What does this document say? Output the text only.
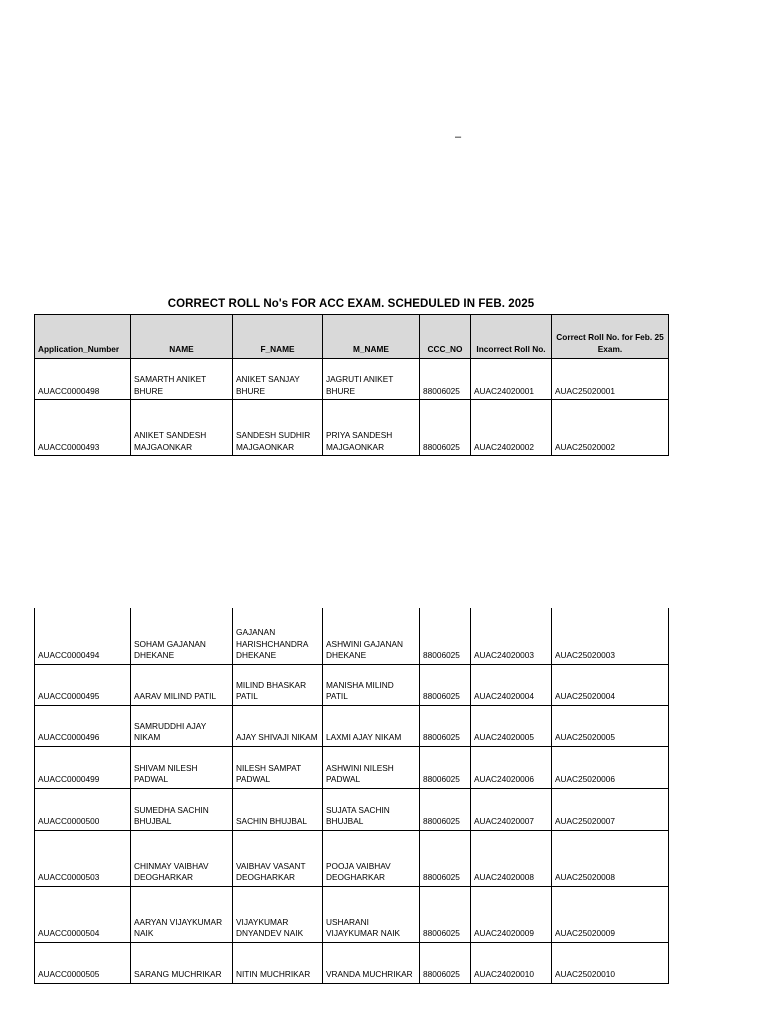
–
CORRECT ROLL No's FOR ACC EXAM. SCHEDULED IN FEB. 2025
Application_Number	NAME	F_NAME	M_NAME	CCC_NO	Incorrect Roll No.	Correct Roll No. for Feb. 25 Exam.
AUACC0000498	SAMARTH ANIKET BHURE	ANIKET SANJAY BHURE	JAGRUTI ANIKET BHURE	88006025	AUAC24020001	AUAC25020001
AUACC0000493	ANIKET SANDESH MAJGAONKAR	SANDESH SUDHIR MAJGAONKAR	PRIYA SANDESH MAJGAONKAR	88006025	AUAC24020002	AUAC25020002
AUACC0000494	SOHAM GAJANAN DHEKANE	GAJANAN HARISHCHANDRA DHEKANE	ASHWINI GAJANAN DHEKANE	88006025	AUAC24020003	AUAC25020003
AUACC0000495	AARAV MILIND PATIL	MILIND BHASKAR PATIL	MANISHA MILIND PATIL	88006025	AUAC24020004	AUAC25020004
AUACC0000496	SAMRUDDHI AJAY NIKAM	AJAY SHIVAJI NIKAM	LAXMI AJAY NIKAM	88006025	AUAC24020005	AUAC25020005
AUACC0000499	SHIVAM NILESH PADWAL	NILESH SAMPAT PADWAL	ASHWINI NILESH PADWAL	88006025	AUAC24020006	AUAC25020006
AUACC0000500	SUMEDHA SACHIN BHUJBAL	SACHIN BHUJBAL	SUJATA SACHIN BHUJBAL	88006025	AUAC24020007	AUAC25020007
AUACC0000503	CHINMAY VAIBHAV DEOGHARKAR	VAIBHAV VASANT DEOGHARKAR	POOJA VAIBHAV DEOGHARKAR	88006025	AUAC24020008	AUAC25020008
AUACC0000504	AARYAN VIJAYKUMAR NAIK	VIJAYKUMAR DNYANDEV NAIK	USHARANI VIJAYKUMAR NAIK	88006025	AUAC24020009	AUAC25020009
AUACC0000505	SARANG MUCHRIKAR	NITIN MUCHRIKAR	VRANDA MUCHRIKAR	88006025	AUAC24020010	AUAC25020010
